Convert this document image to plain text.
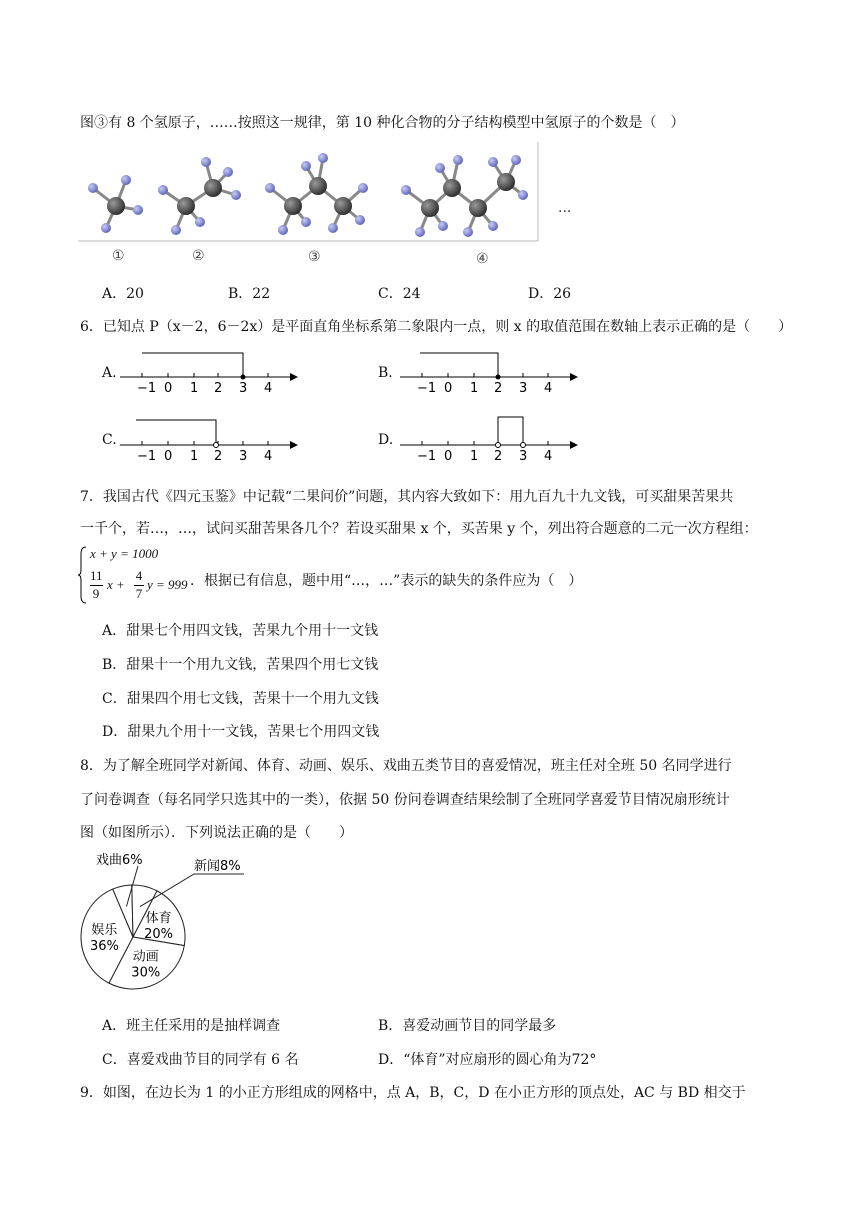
图③有 8 个氢原子，……按照这一规律，第 10 种化合物的分子结构模型中氢原子的个数是（　）
①	②	③	④
...
A．20	B．22	C．24	D．26
6．已知点 P（x－2，6－2x）是平面直角坐标系第二象限内一点，则 x 的取值范围在数轴上表示正确的是（　　）
A.
−1 0 1 2 3 4
B.
−1 0 1 2 3 4
C.
−1 0 1 2 3 4
D.
−1 0 1 2 3 4
7．我国古代《四元玉鉴》中记载“二果问价”问题，其内容大致如下：用九百九十九文钱，可买甜果苦果共
一千个，若…，…，试问买甜苦果各几个？若设买甜果 x 个，买苦果 y 个，列出符合题意的二元一次方程组：
x + y = 1000
11
9
x +
4
7
y = 999 ．根据已有信息，题中用“…，…”表示的缺失的条件应为（　）
A．甜果七个用四文钱，苦果九个用十一文钱
B．甜果十一个用九文钱，苦果四个用七文钱
C．甜果四个用七文钱，苦果十一个用九文钱
D．甜果九个用十一文钱，苦果七个用四文钱
8．为了解全班同学对新闻、体育、动画、娱乐、戏曲五类节目的喜爱情况，班主任对全班 50 名同学进行
了问卷调查（每名同学只选其中的一类），依据 50 份问卷调查结果绘制了全班同学喜爱节目情况扇形统计
图（如图所示）．下列说法正确的是（　　）
娱乐
36%
戏曲6%	新闻8%
体育
20%
动画
30%
A．班主任采用的是抽样调查	B．喜爱动画节目的同学最多
C．喜爱戏曲节目的同学有 6 名	D．“体育”对应扇形的圆心角为72°
9．如图，在边长为 1 的小正方形组成的网格中，点 A，B，C，D 在小正方形的顶点处，AC 与 BD 相交于
